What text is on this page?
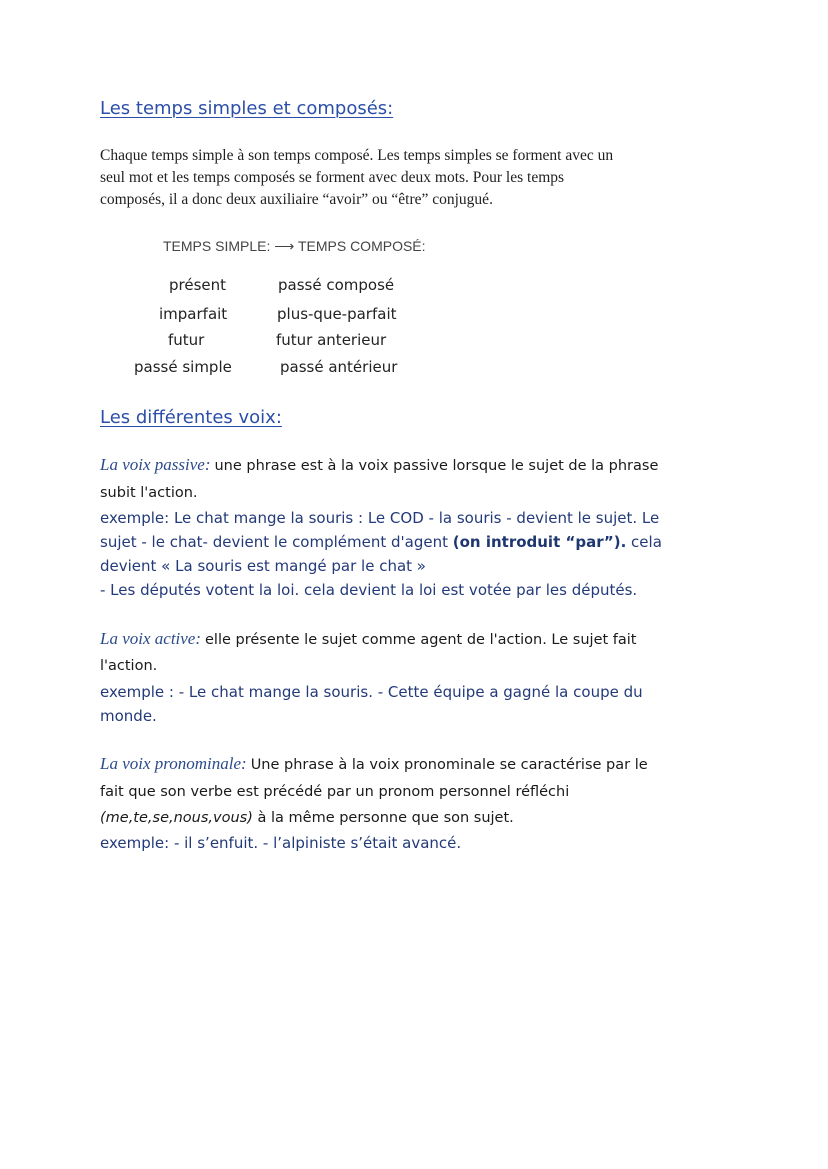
Les temps simples et composés:
Chaque temps simple à son temps composé. Les temps simples se forment avec un
seul mot et les temps composés se forment avec deux mots. Pour les temps
composés, il a donc deux auxiliaire “avoir” ou “être” conjugué.
TEMPS SIMPLE: ⟶ TEMPS COMPOSÉ:
présent	passé composé
imparfait	plus-que-parfait
futur	futur anterieur
passé simple	passé antérieur
Les différentes voix:
La voix passive: une phrase est à la voix passive lorsque le sujet de la phrase
subit l'action.
exemple: Le chat mange la souris : Le COD - la souris - devient le sujet. Le
sujet - le chat- devient le complément d'agent (on introduit “par”). cela
devient « La souris est mangé par le chat »
- Les députés votent la loi. cela devient la loi est votée par les députés.
La voix active: elle présente le sujet comme agent de l'action. Le sujet fait
l'action.
exemple : - Le chat mange la souris. - Cette équipe a gagné la coupe du
monde.
La voix pronominale: Une phrase à la voix pronominale se caractérise par le
fait que son verbe est précédé par un pronom personnel réfléchi
(me,te,se,nous,vous) à la même personne que son sujet.
exemple: - il s’enfuit. - l’alpiniste s’était avancé.
